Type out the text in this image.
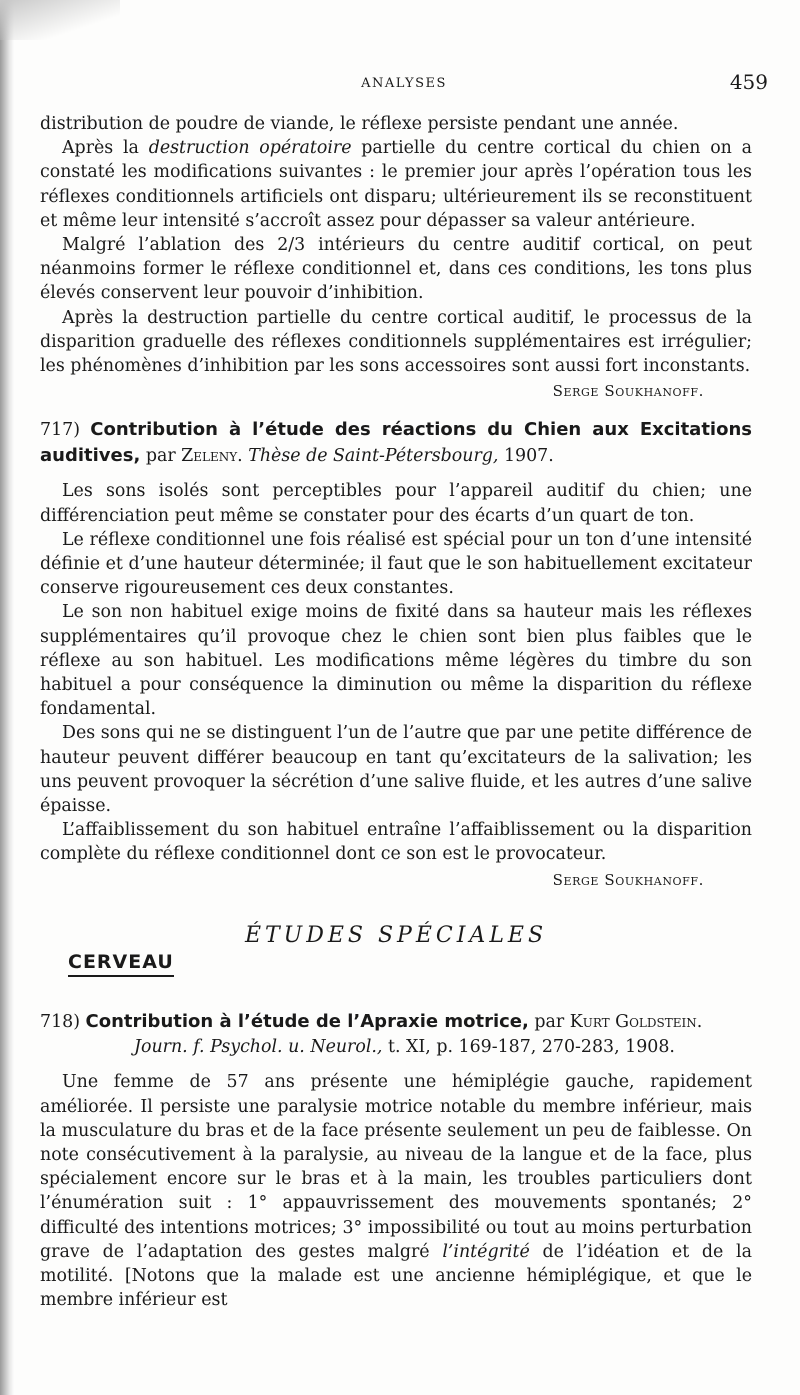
ANALYSES	459

distribution de poudre de viande, le réflexe persiste pendant une année.

Après la destruction opératoire partielle du centre cortical du chien on a constaté les modifications suivantes : le premier jour après l’opération tous les réflexes conditionnels artificiels ont disparu; ultérieurement ils se reconstituent et même leur intensité s’accroît assez pour dépasser sa valeur antérieure.

Malgré l’ablation des 2/3 intérieurs du centre auditif cortical, on peut néanmoins former le réflexe conditionnel et, dans ces conditions, les tons plus élevés conservent leur pouvoir d’inhibition.

Après la destruction partielle du centre cortical auditif, le processus de la disparition graduelle des réflexes conditionnels supplémentaires est irrégulier; les phénomènes d’inhibition par les sons accessoires sont aussi fort inconstants.

Serge Soukhanoff.
717) Contribution à l’étude des réactions du Chien aux Excitations auditives, par Zeleny. Thèse de Saint-Pétersbourg, 1907.

Les sons isolés sont perceptibles pour l’appareil auditif du chien; une différenciation peut même se constater pour des écarts d’un quart de ton.

Le réflexe conditionnel une fois réalisé est spécial pour un ton d’une intensité définie et d’une hauteur déterminée; il faut que le son habituellement excitateur conserve rigoureusement ces deux constantes.

Le son non habituel exige moins de fixité dans sa hauteur mais les réflexes supplémentaires qu’il provoque chez le chien sont bien plus faibles que le réflexe au son habituel. Les modifications même légères du timbre du son habituel a pour conséquence la diminution ou même la disparition du réflexe fondamental.

Des sons qui ne se distinguent l’un de l’autre que par une petite différence de hauteur peuvent différer beaucoup en tant qu’excitateurs de la salivation; les uns peuvent provoquer la sécrétion d’une salive fluide, et les autres d’une salive épaisse.

L’affaiblissement du son habituel entraîne l’affaiblissement ou la disparition complète du réflexe conditionnel dont ce son est le provocateur.

Serge Soukhanoff.
ÉTUDES SPÉCIALES
CERVEAU
718) Contribution à l’étude de l’Apraxie motrice, par Kurt Goldstein.
Journ. f. Psychol. u. Neurol., t. XI, p. 169-187, 270-283, 1908.

Une femme de 57 ans présente une hémiplégie gauche, rapidement améliorée. Il persiste une paralysie motrice notable du membre inférieur, mais la musculature du bras et de la face présente seulement un peu de faiblesse. On note consécutivement à la paralysie, au niveau de la langue et de la face, plus spécialement encore sur le bras et à la main, les troubles particuliers dont l’énumération suit : 1° appauvrissement des mouvements spontanés; 2° difficulté des intentions motrices; 3° impossibilité ou tout au moins perturbation grave de l’adaptation des gestes malgré l’intégrité de l’idéation et de la motilité. [Notons que la malade est une ancienne hémiplégique, et que le membre inférieur est
